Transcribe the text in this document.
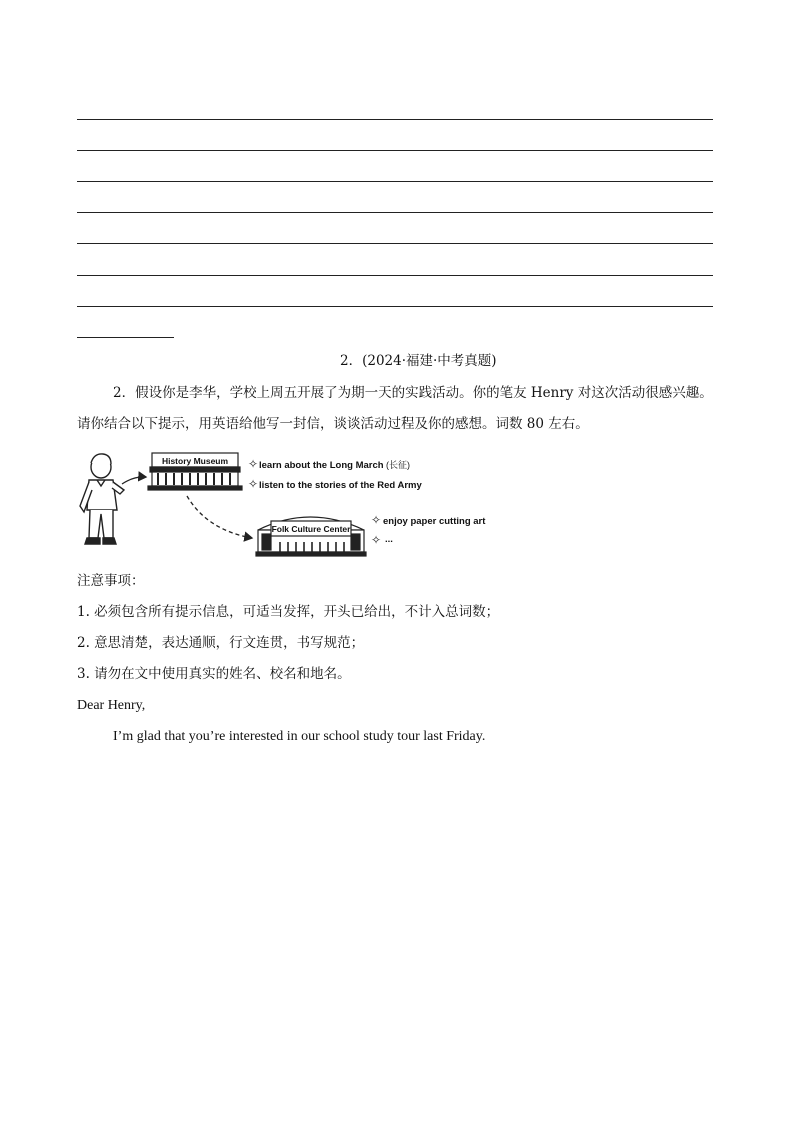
2．(2024·福建·中考真题)
2．假设你是李华，学校上周五开展了为期一天的实践活动。你的笔友 Henry 对这次活动很感兴趣。
请你结合以下提示，用英语给他写一封信，谈谈活动过程及你的感想。词数 80 左右。
History Museum ✧ learn about the Long March (长征)
✧ listen to the stories of the Red Army
Folk Culture Center
✧ enjoy paper cutting art
✧ ...
注意事项：
1. 必须包含所有提示信息，可适当发挥，开头已给出，不计入总词数；
2. 意思清楚，表达通顺，行文连贯，书写规范；
3. 请勿在文中使用真实的姓名、校名和地名。
Dear Henry,
I’m glad that you’re interested in our school study tour last Friday.
